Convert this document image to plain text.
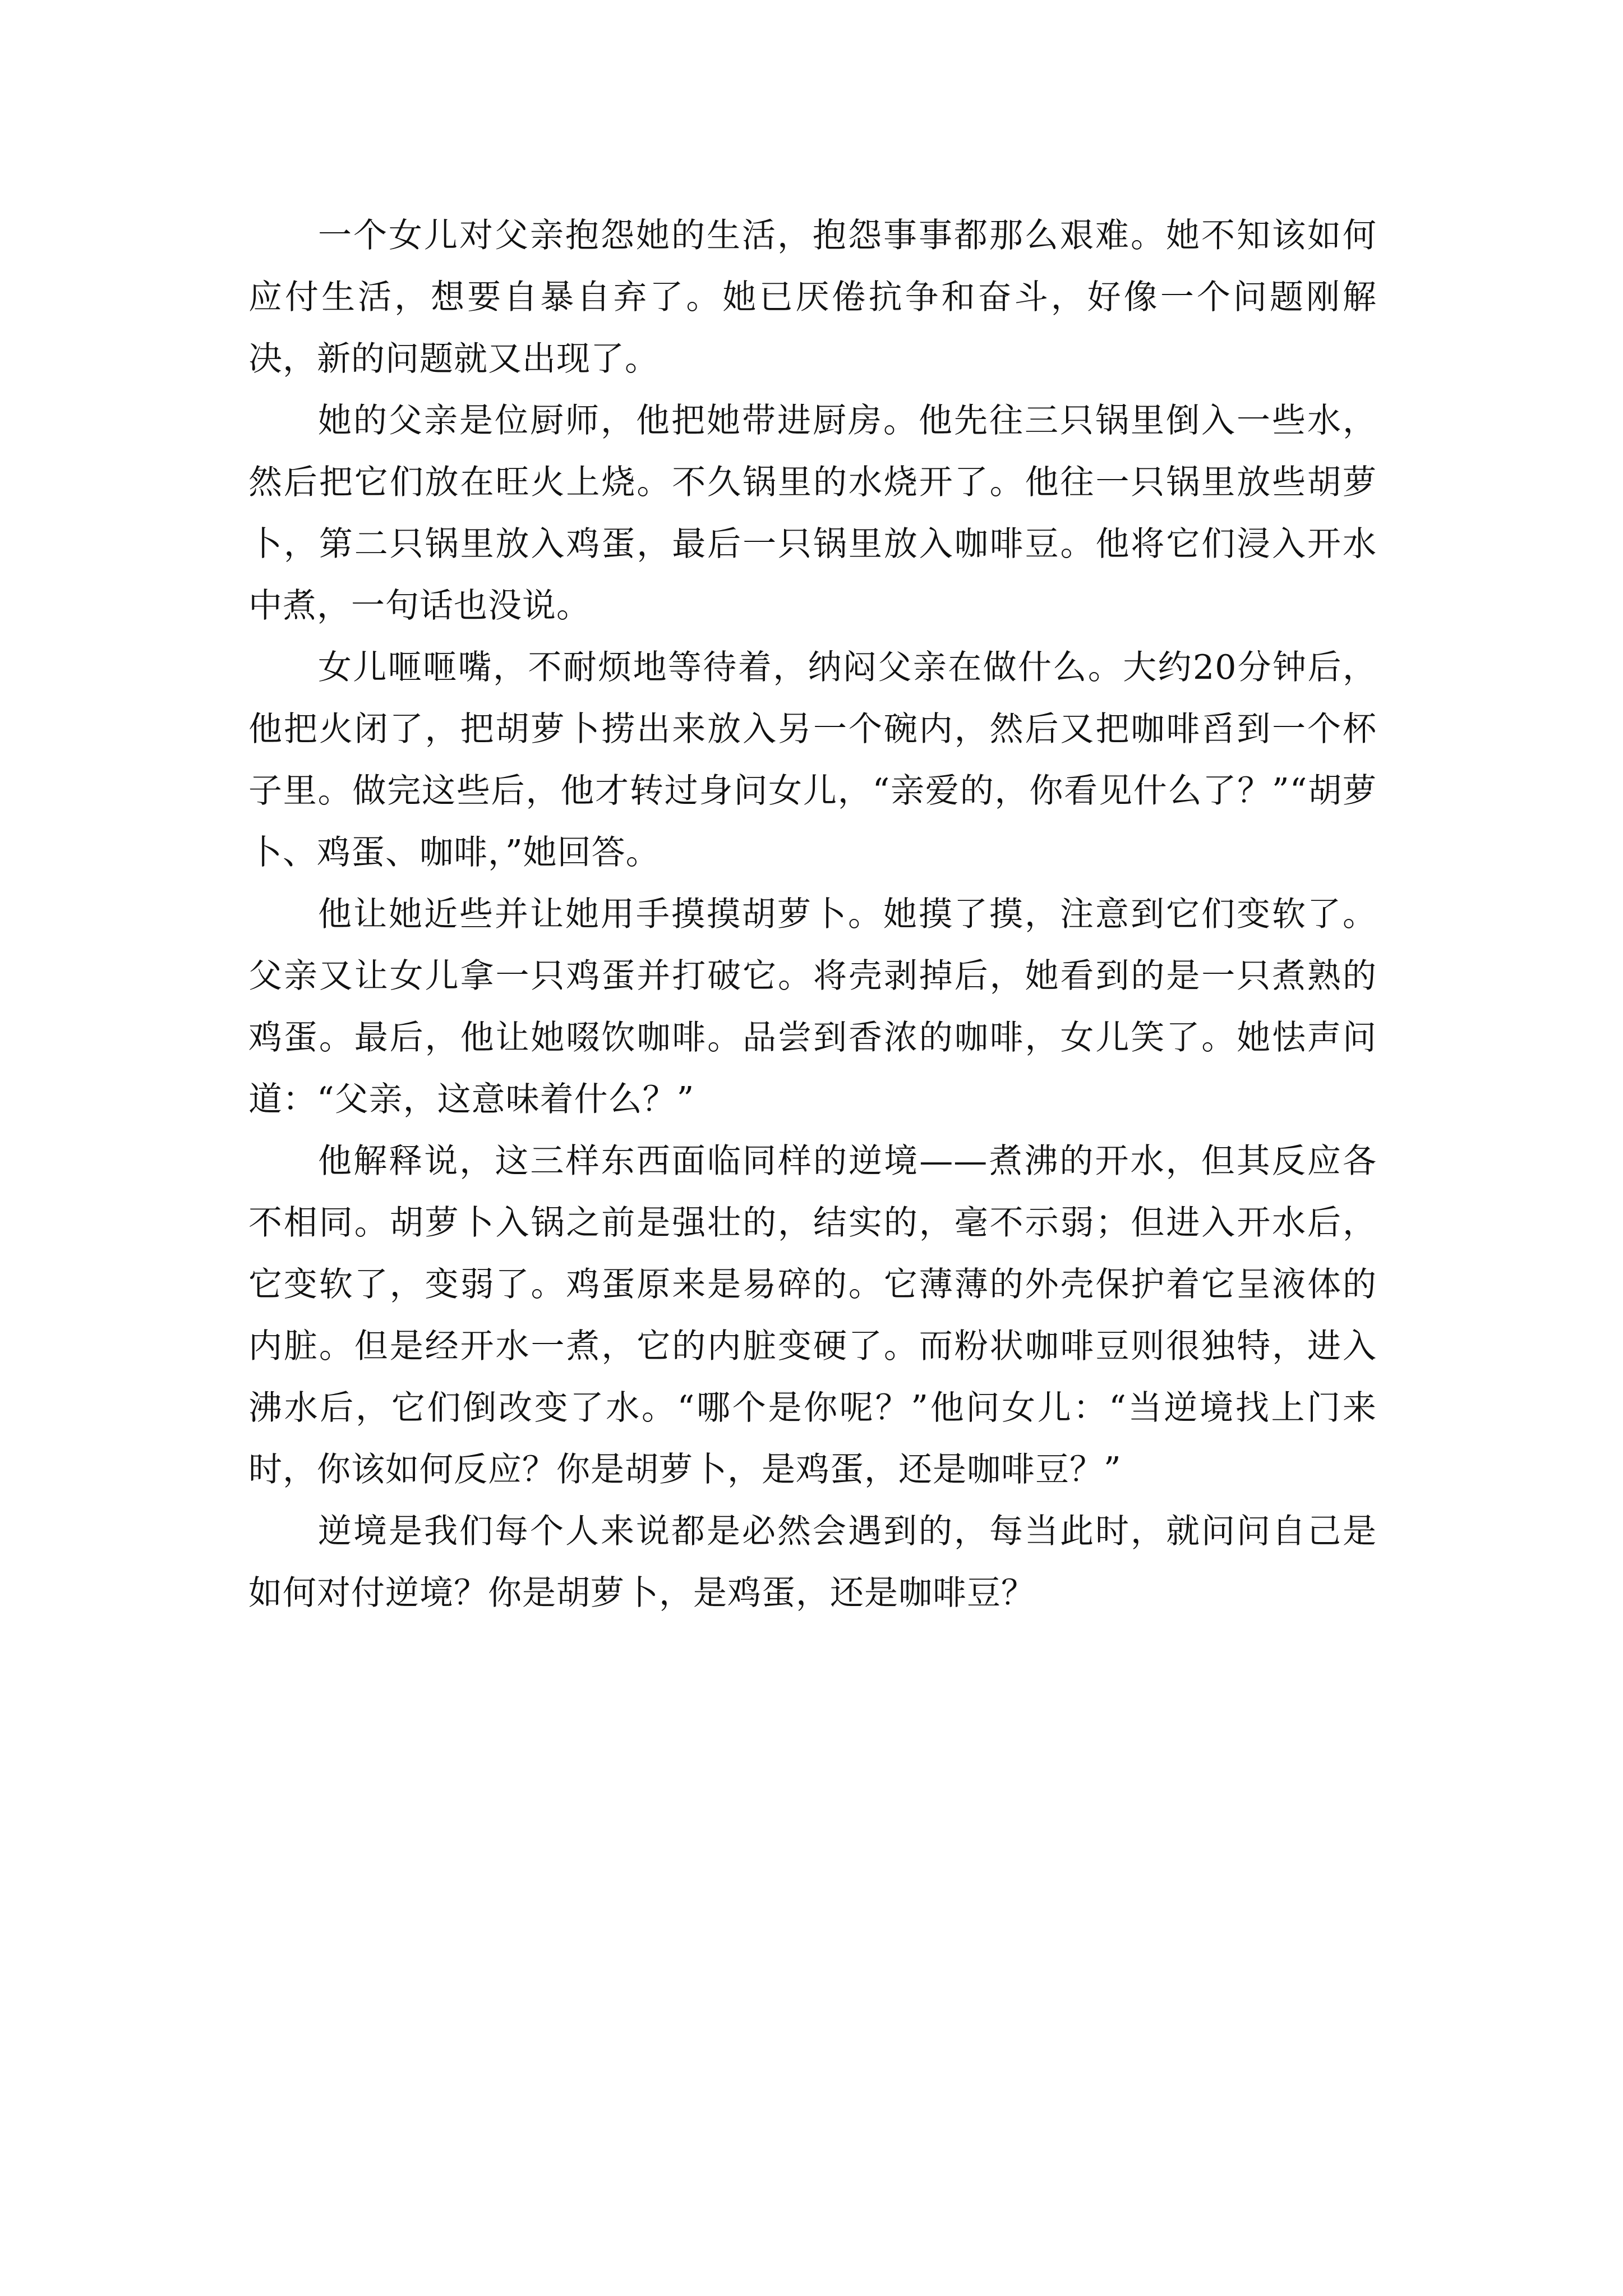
一个女儿对父亲抱怨她的生活，抱怨事事都那么艰难。她不知该如何应付生活，想要自暴自弃了。她已厌倦抗争和奋斗，好像一个问题刚解决，新的问题就又出现了。

她的父亲是位厨师，他把她带进厨房。他先往三只锅里倒入一些水，然后把它们放在旺火上烧。不久锅里的水烧开了。他往一只锅里放些胡萝卜，第二只锅里放入鸡蛋，最后一只锅里放入咖啡豆。他将它们浸入开水中煮，一句话也没说。

女儿咂咂嘴，不耐烦地等待着，纳闷父亲在做什么。大约20分钟后，他把火闭了，把胡萝卜捞出来放入另一个碗内，然后又把咖啡舀到一个杯子里。做完这些后，他才转过身问女儿，“亲爱的，你看见什么了？”“胡萝卜、鸡蛋、咖啡，”她回答。

他让她近些并让她用手摸摸胡萝卜。她摸了摸，注意到它们变软了。父亲又让女儿拿一只鸡蛋并打破它。将壳剥掉后，她看到的是一只煮熟的鸡蛋。最后，他让她啜饮咖啡。品尝到香浓的咖啡，女儿笑了。她怯声问道：“父亲，这意味着什么？”

他解释说，这三样东西面临同样的逆境——煮沸的开水，但其反应各不相同。胡萝卜入锅之前是强壮的，结实的，毫不示弱；但进入开水后，它变软了，变弱了。鸡蛋原来是易碎的。它薄薄的外壳保护着它呈液体的内脏。但是经开水一煮，它的内脏变硬了。而粉状咖啡豆则很独特，进入沸水后，它们倒改变了水。“哪个是你呢？”他问女儿：“当逆境找上门来时，你该如何反应？你是胡萝卜，是鸡蛋，还是咖啡豆？”

逆境是我们每个人来说都是必然会遇到的，每当此时，就问问自己是如何对付逆境？你是胡萝卜，是鸡蛋，还是咖啡豆？
